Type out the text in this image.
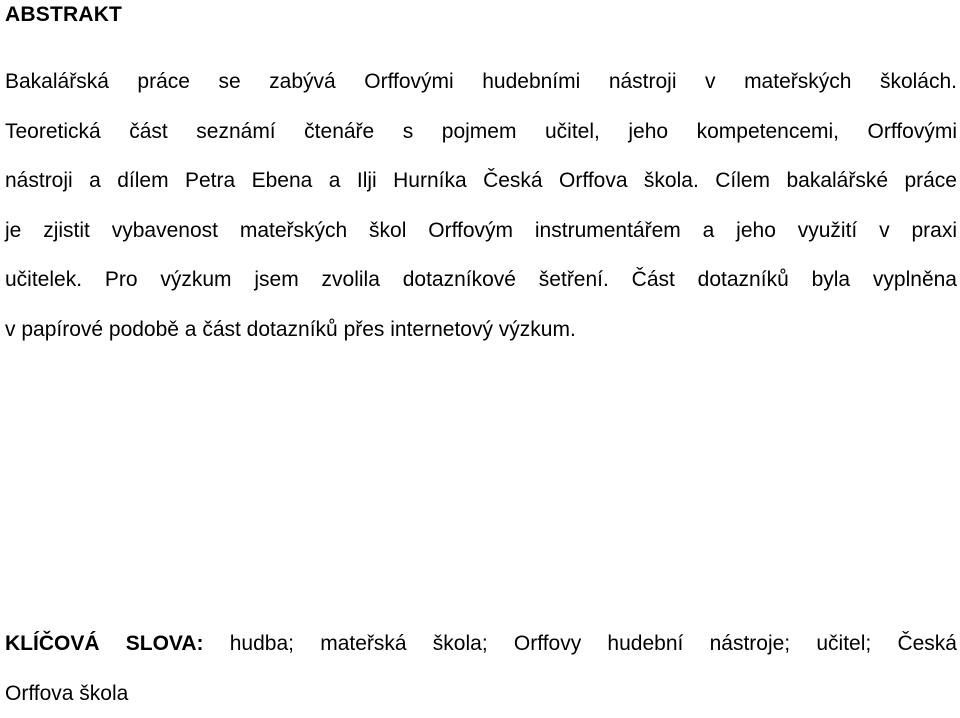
ABSTRAKT
Bakalářská práce se zabývá Orffovými hudebními nástroji v mateřských školách.
Teoretická část seznámí čtenáře s pojmem učitel, jeho kompetencemi, Orffovými
nástroji a dílem Petra Ebena a Ilji Hurníka Česká Orffova škola. Cílem bakalářské práce
je zjistit vybavenost mateřských škol Orffovým instrumentářem a jeho využití v praxi
učitelek. Pro výzkum jsem zvolila dotazníkové šetření. Část dotazníků byla vyplněna
v papírové podobě a část dotazníků přes internetový výzkum.
KLÍČOVÁ SLOVA: hudba; mateřská škola; Orffovy hudební nástroje; učitel; Česká
Orffova škola
